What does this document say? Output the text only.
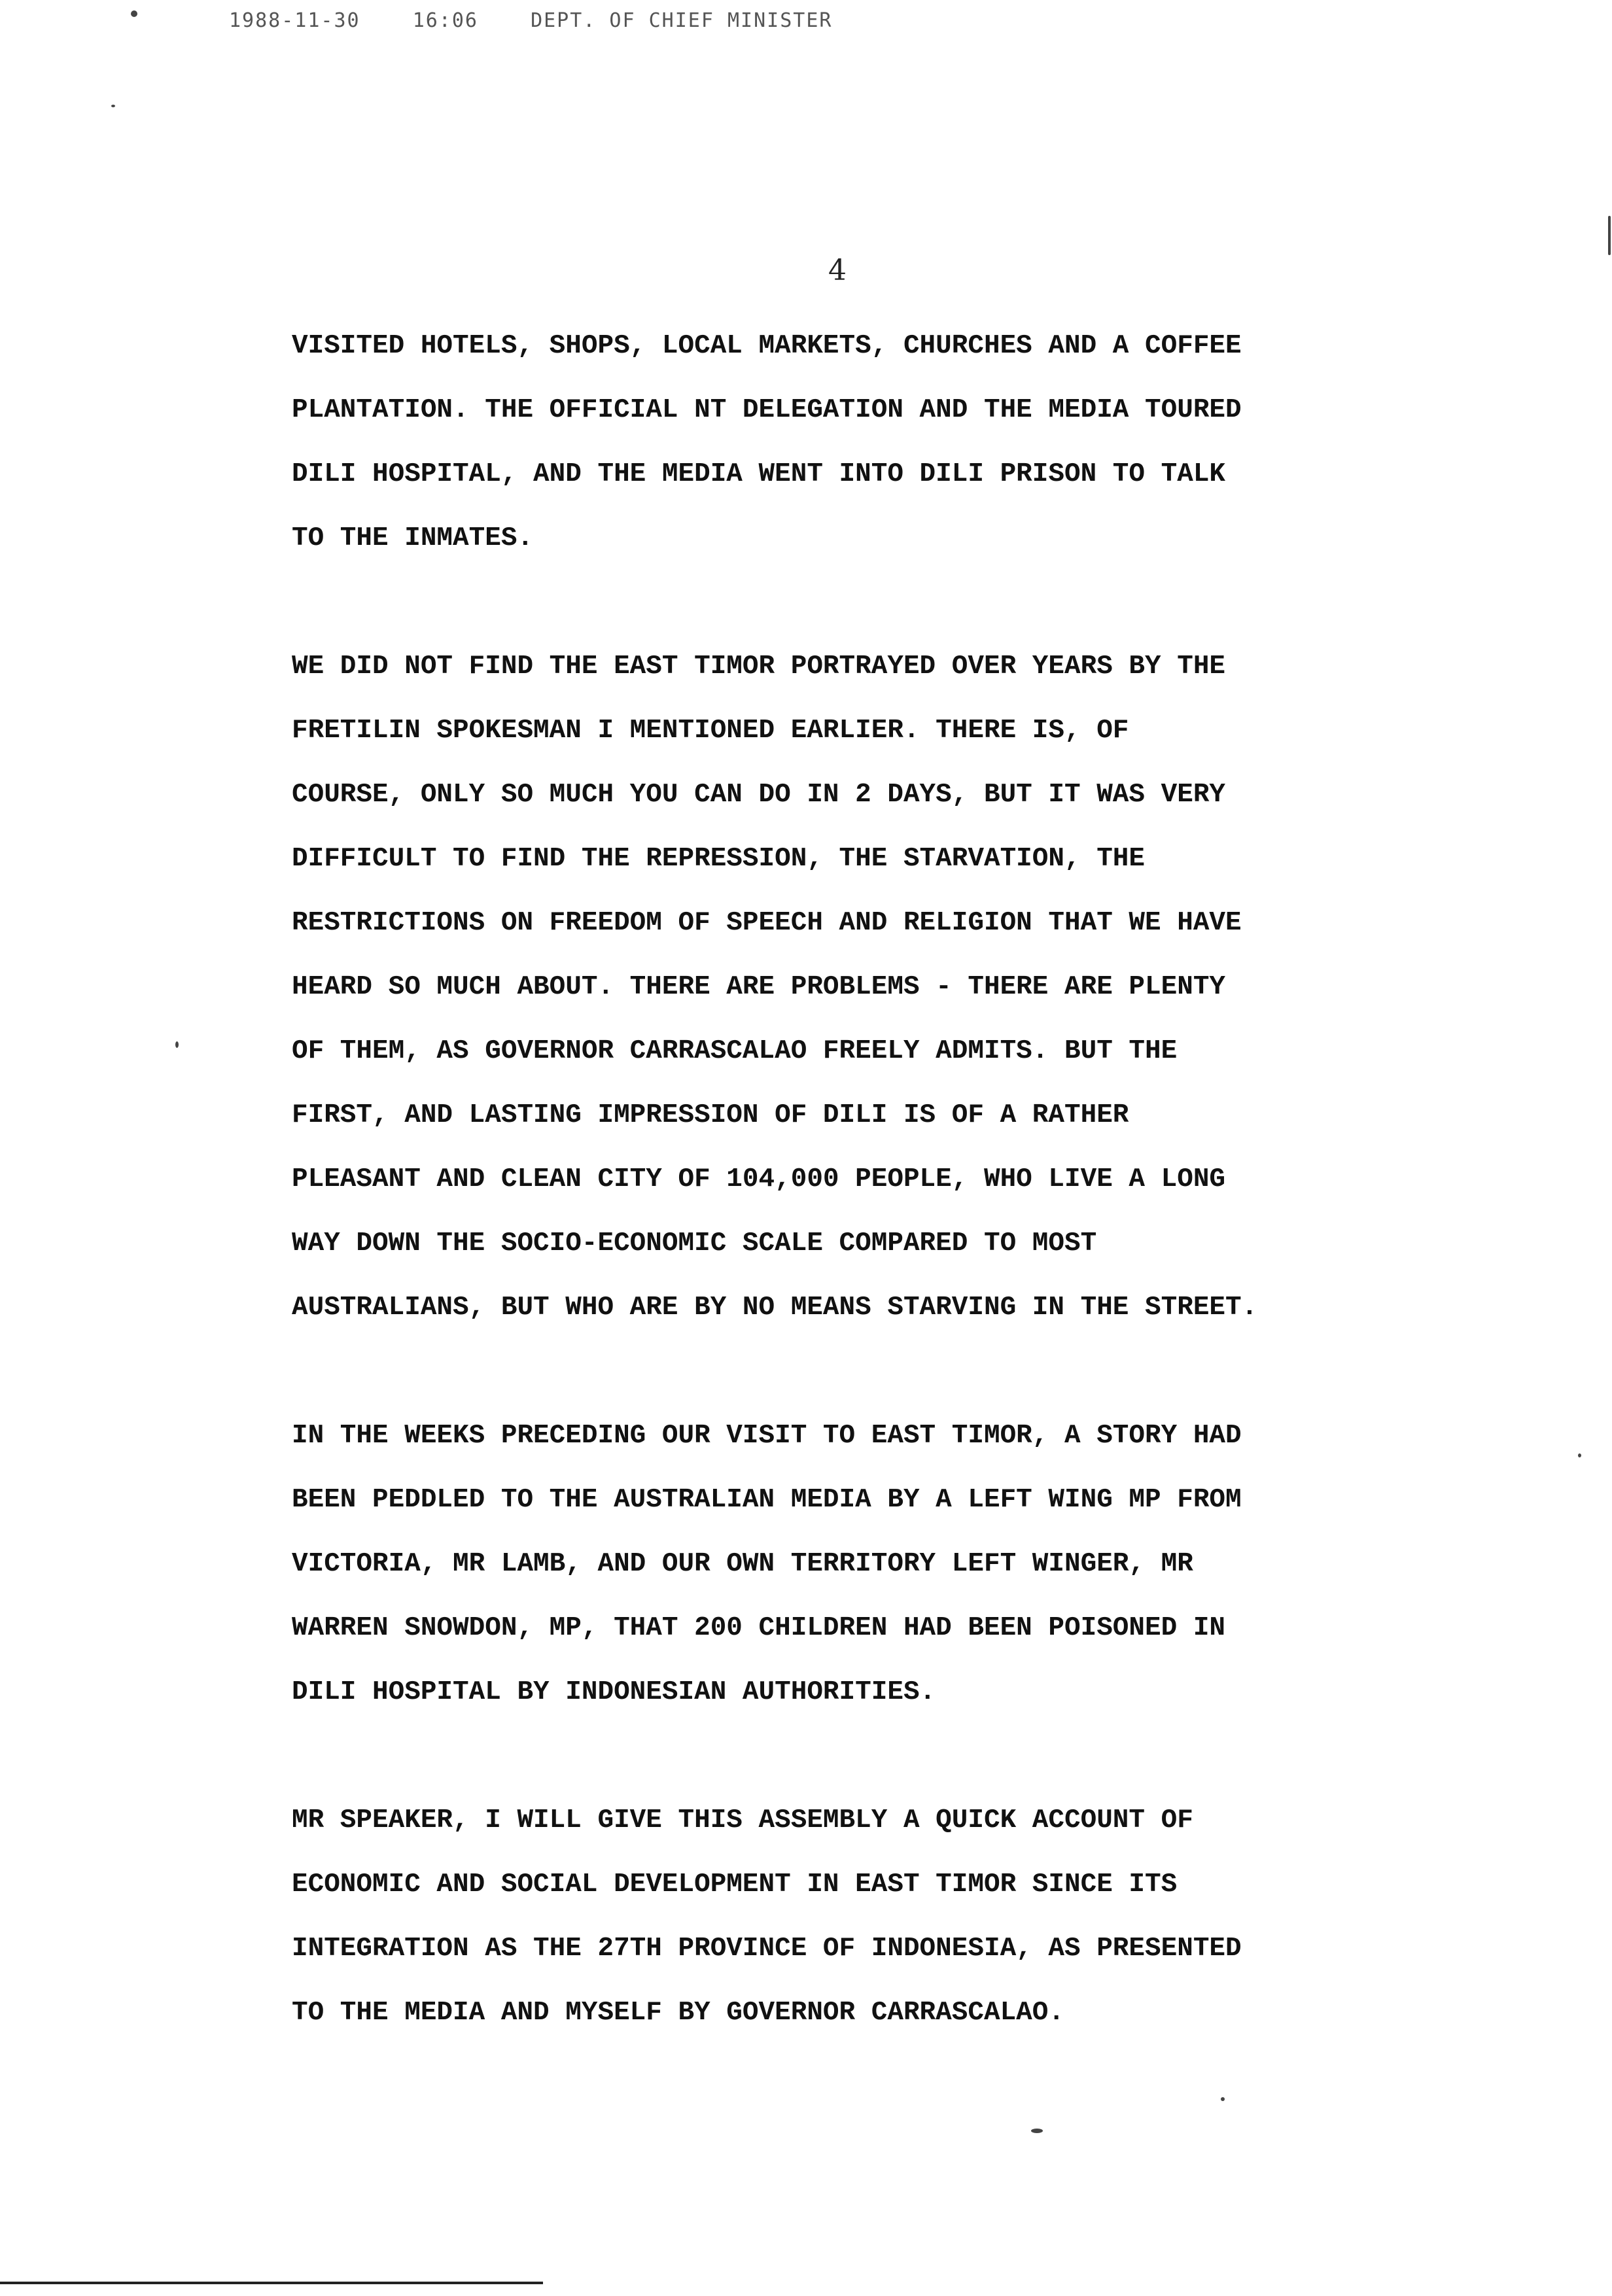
1988-11-30	16:06	DEPT. OF CHIEF MINISTER
4
VISITED HOTELS, SHOPS, LOCAL MARKETS, CHURCHES AND A COFFEE
PLANTATION. THE OFFICIAL NT DELEGATION AND THE MEDIA TOURED
DILI HOSPITAL, AND THE MEDIA WENT INTO DILI PRISON TO TALK
TO THE INMATES.
WE DID NOT FIND THE EAST TIMOR PORTRAYED OVER YEARS BY THE
FRETILIN SPOKESMAN I MENTIONED EARLIER. THERE IS, OF
COURSE, ONLY SO MUCH YOU CAN DO IN 2 DAYS, BUT IT WAS VERY
DIFFICULT TO FIND THE REPRESSION, THE STARVATION, THE
RESTRICTIONS ON FREEDOM OF SPEECH AND RELIGION THAT WE HAVE
HEARD SO MUCH ABOUT. THERE ARE PROBLEMS - THERE ARE PLENTY
OF THEM, AS GOVERNOR CARRASCALAO FREELY ADMITS. BUT THE
FIRST, AND LASTING IMPRESSION OF DILI IS OF A RATHER
PLEASANT AND CLEAN CITY OF 104,000 PEOPLE, WHO LIVE A LONG
WAY DOWN THE SOCIO-ECONOMIC SCALE COMPARED TO MOST
AUSTRALIANS, BUT WHO ARE BY NO MEANS STARVING IN THE STREET.
IN THE WEEKS PRECEDING OUR VISIT TO EAST TIMOR, A STORY HAD
BEEN PEDDLED TO THE AUSTRALIAN MEDIA BY A LEFT WING MP FROM
VICTORIA, MR LAMB, AND OUR OWN TERRITORY LEFT WINGER, MR
WARREN SNOWDON, MP, THAT 200 CHILDREN HAD BEEN POISONED IN
DILI HOSPITAL BY INDONESIAN AUTHORITIES.
MR SPEAKER, I WILL GIVE THIS ASSEMBLY A QUICK ACCOUNT OF
ECONOMIC AND SOCIAL DEVELOPMENT IN EAST TIMOR SINCE ITS
INTEGRATION AS THE 27TH PROVINCE OF INDONESIA, AS PRESENTED
TO THE MEDIA AND MYSELF BY GOVERNOR CARRASCALAO.
